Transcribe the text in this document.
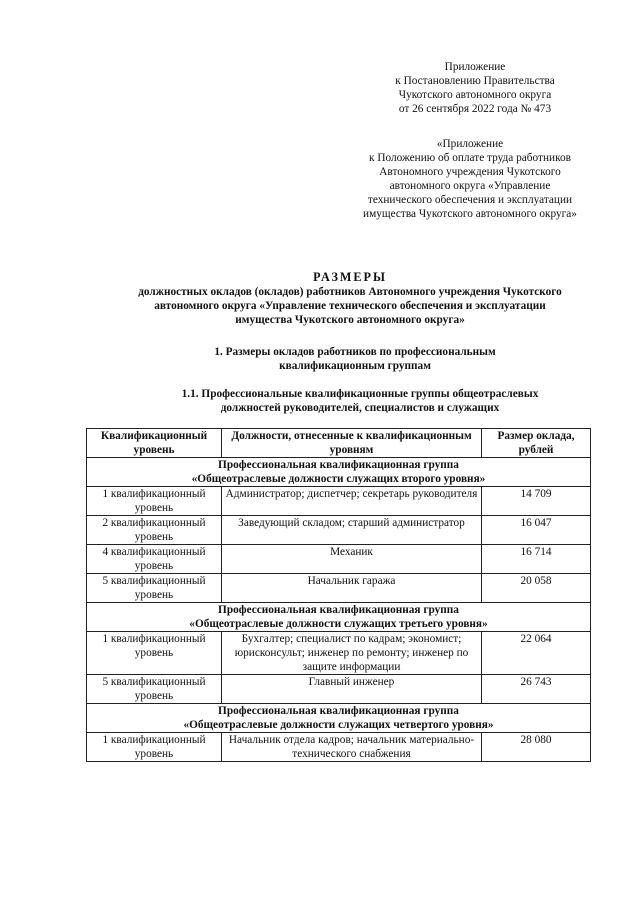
Приложение
к Постановлению Правительства
Чукотского автономного округа
от 26 сентября 2022 года № 473
«Приложение
к Положению об оплате труда работников
Автономного учреждения Чукотского
автономного округа «Управление
технического обеспечения и эксплуатации
имущества Чукотского автономного округа»
РАЗМЕРЫ
должностных окладов (окладов) работников Автономного учреждения Чукотского
автономного округа «Управление технического обеспечения и эксплуатации
имущества Чукотского автономного округа»
1. Размеры окладов работников по профессиональным
квалификационным группам
1.1. Профессиональные квалификационные группы общеотраслевых
должностей руководителей, специалистов и служащих
Квалификационный уровень	Должности, отнесенные к квалификационным уровням	Размер оклада, рублей

Профессиональная квалификационная группа
«Общеотраслевые должности служащих второго уровня»		

1 квалификационный уровень	Администратор; диспетчер; секретарь руководителя	14 709
2 квалификационный уровень	Заведующий складом; старший администратор	16 047
4 квалификационный уровень	Механик	16 714
5 квалификационный уровень	Начальник гаража	20 058

Профессиональная квалификационная группа
«Общеотраслевые должности служащих третьего уровня»		

1 квалификационный уровень	Бухгалтер; специалист по кадрам; экономист; юрисконсульт; инженер по ремонту; инженер по защите информации	22 064
5 квалификационный уровень	Главный инженер	26 743

Профессиональная квалификационная группа
«Общеотраслевые должности служащих четвертого уровня»		

1 квалификационный уровень	Начальник отдела кадров; начальник материально-технического снабжения	28 080
